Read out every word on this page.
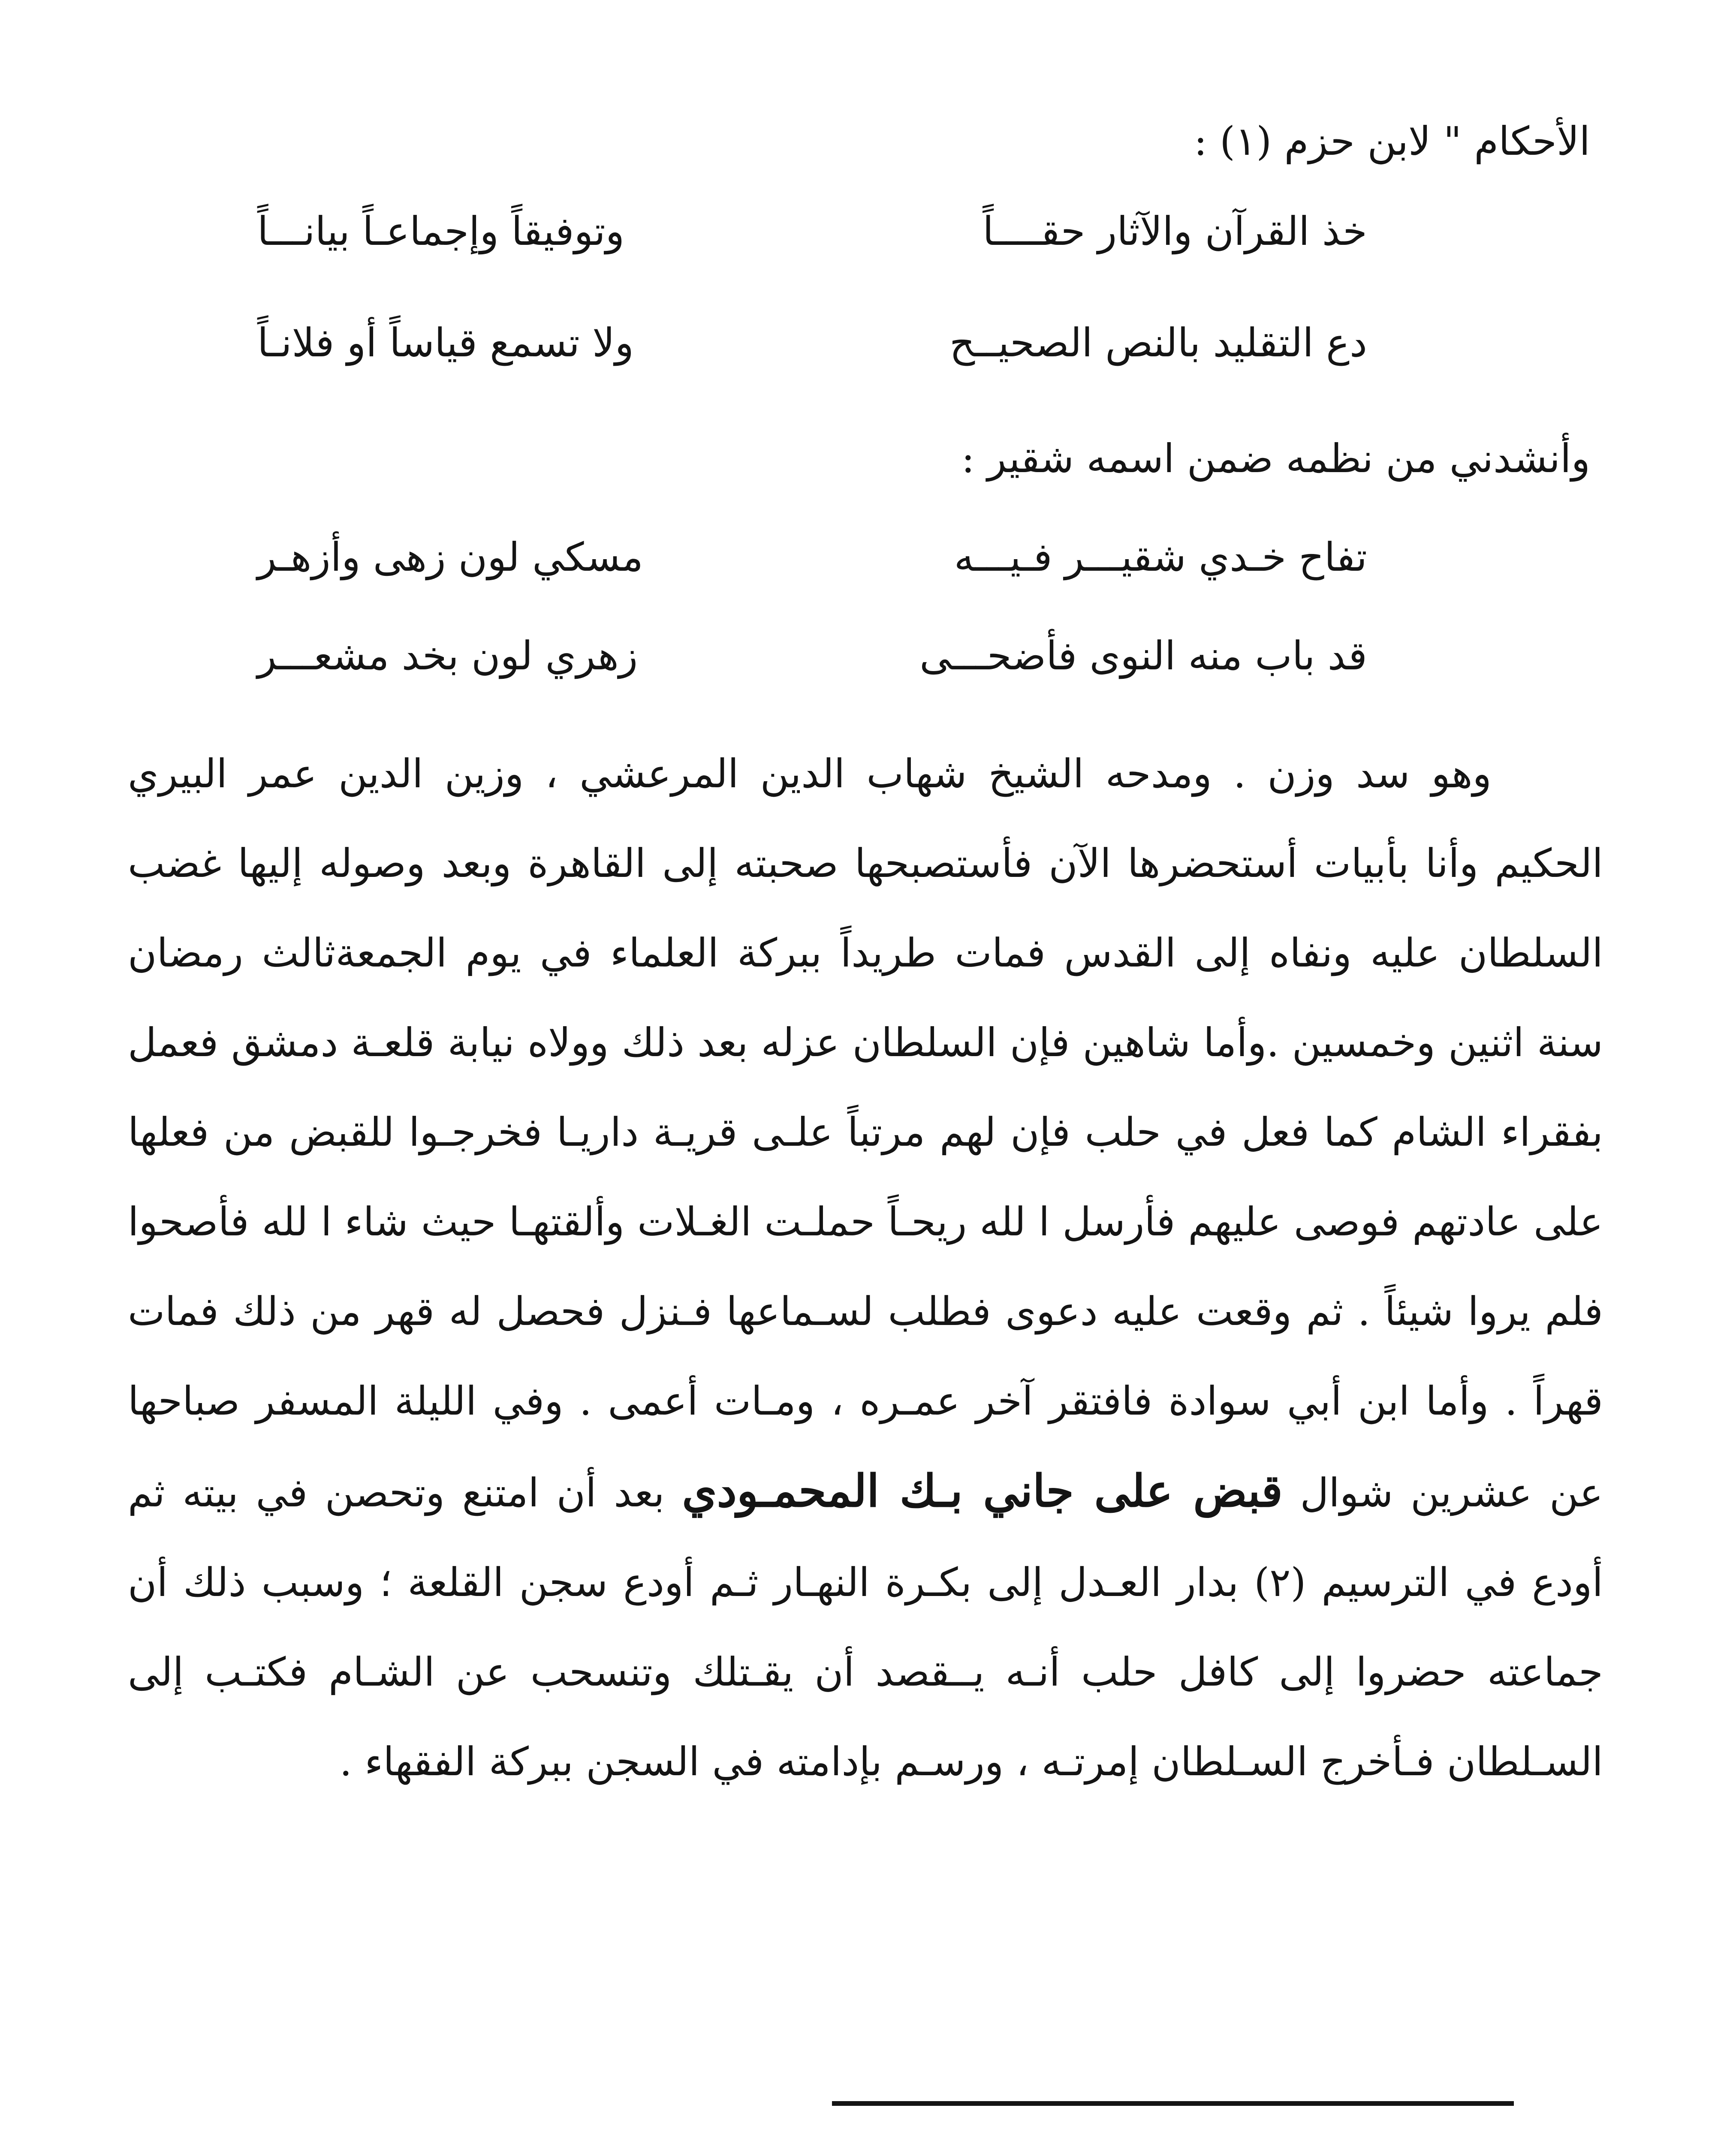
الأحكام " لابن حزم (١) :
خذ القرآن والآثار حقــــاً
وتوفيقاً وإجماعـاً بيانـــاً
دع التقليد بالنص الصحيــح
ولا تسمع قياساً أو فلانـاً
وأنشدني من نظمه ضمن اسمه شقير :
تفاح خـدي شقيـــر فـيـــه
مسكي لون زهى وأزهـر
قد باب منه النوى فأضحـــى
زهري لون بخد مشعـــر

وهو سد وزن . ومدحه الشيخ شهاب الدين المرعشي ، وزين الدين عمر البيري الحكيم وأنا بأبيات أستحضرها الآن فأستصبحها صحبته إلى القاهرة وبعد وصوله إليها غضب السلطان عليه ونفاه إلى القدس فمات طريداً ببركة العلماء في يوم الجمعةثالث رمضان سنة اثنين وخمسين .وأما شاهين فإن السلطان عزله بعد ذلك وولاه نيابة قلعـة دمشق فعمل بفقراء الشام كما فعل في حلب فإن لهم مرتباً علـى قريـة داريـا فخرجـوا للقبض من فعلها على عادتهم فوصى عليهم فأرسل ا لله ريحـاً حملـت الغـلات وألقتهـا حيث شاء ا لله فأصحوا فلم يروا شيئاً . ثم وقعت عليه دعوى فطلب لسـماعها فـنزل فحصل له قهر من ذلك فمات قهراً . وأما ابن أبي سوادة فافتقر آخر عمـره ، ومـات أعمى . وفي الليلة المسفر صباحها عن عشرين شوال قبض على جاني بـك المحمـودي بعد أن امتنع وتحصن في بيته ثم أودع في الترسيم (٢) بدار العـدل إلى بكـرة النهـار ثـم أودع سجن القلعة ؛ وسبب ذلك أن جماعته حضروا إلى كافل حلب أنـه يــقصد أن يقـتلك وتنسحب عن الشـام فكتـب إلى السـلطان فـأخرج السـلطان إمرتـه ، ورسـم بإدامته في السجن ببركة الفقهاء .
